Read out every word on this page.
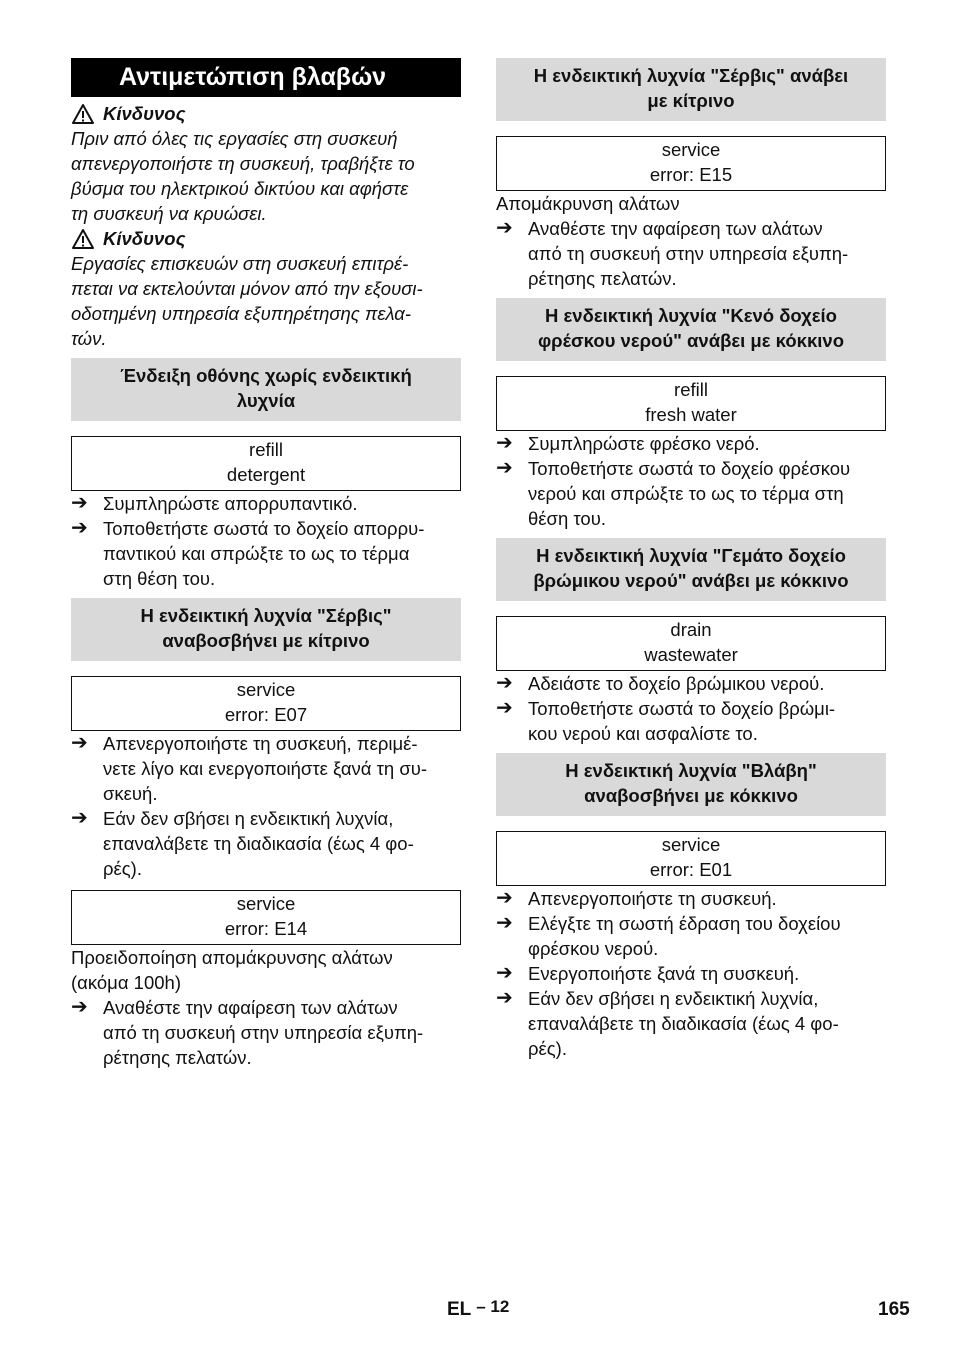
Αντιμετώπιση βλαβών

Κίνδυνος

Πριν από όλες τις εργασίες στη συσκευή
απενεργοποιήστε τη συσκευή, τραβήξτε το
βύσμα του ηλεκτρικού δικτύου και αφήστε
τη συσκευή να κρυώσει.

Κίνδυνος

Εργασίες επισκευών στη συσκευή επιτρέ-
πεται να εκτελούνται μόνον από την εξουσι-
οδοτημένη υπηρεσία εξυπηρέτησης πελα-
τών.

Ένδειξη οθόνης χωρίς ενδεικτική
λυχνία
refill
detergent
➔ Συμπληρώστε απορρυπαντικό.
➔ Τοποθετήστε σωστά το δοχείο απορρυ-
παντικού και σπρώξτε το ως το τέρμα
στη θέση του.
Η ενδεικτική λυχνία "Σέρβις"
αναβοσβήνει με κίτρινο
service
error: E07
➔ Απενεργοποιήστε τη συσκευή, περιμέ-
νετε λίγο και ενεργοποιήστε ξανά τη συ-
σκευή.
➔ Εάν δεν σβήσει η ενδεικτική λυχνία,
επαναλάβετε τη διαδικασία (έως 4 φο-
ρές).
service
error: E14

Προειδοποίηση απομάκρυνσης αλάτων
(ακόμα 100h)

➔ Αναθέστε την αφαίρεση των αλάτων
από τη συσκευή στην υπηρεσία εξυπη-
ρέτησης πελατών.
Η ενδεικτική λυχνία "Σέρβις" ανάβει
με κίτρινο
service
error: E15

Απομάκρυνση αλάτων

➔ Αναθέστε την αφαίρεση των αλάτων
από τη συσκευή στην υπηρεσία εξυπη-
ρέτησης πελατών.
Η ενδεικτική λυχνία "Κενό δοχείο
φρέσκου νερού" ανάβει με κόκκινο
refill
fresh water
➔ Συμπληρώστε φρέσκο νερό.
➔ Τοποθετήστε σωστά το δοχείο φρέσκου
νερού και σπρώξτε το ως το τέρμα στη
θέση του.
Η ενδεικτική λυχνία "Γεμάτο δοχείο
βρώμικου νερού" ανάβει με κόκκινο
drain
wastewater
➔ Αδειάστε το δοχείο βρώμικου νερού.
➔ Τοποθετήστε σωστά το δοχείο βρώμι-
κου νερού και ασφαλίστε το.
Η ενδεικτική λυχνία "Βλάβη"
αναβοσβήνει με κόκκινο
service
error: E01
➔ Απενεργοποιήστε τη συσκευή.
➔ Ελέγξτε τη σωστή έδραση του δοχείου
φρέσκου νερού.
➔ Ενεργοποιήστε ξανά τη συσκευή.
➔ Εάν δεν σβήσει η ενδεικτική λυχνία,
επαναλάβετε τη διαδικασία (έως 4 φο-
ρές).
EL – 12	165
